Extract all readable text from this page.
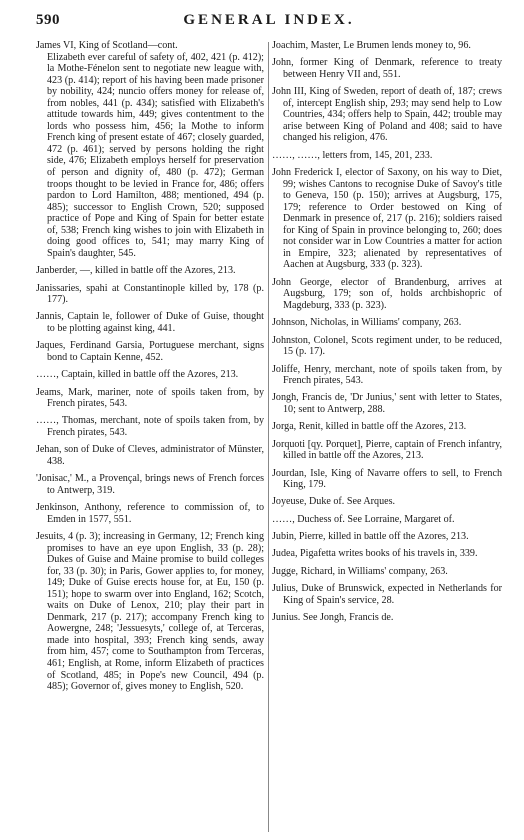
590	GENERAL INDEX.
James VI, King of Scotland—cont.
Elizabeth ever careful of safety of, 402, 421 (p. 412); la Mothe-Fénelon sent to negotiate new league with, 423 (p. 414); report of his having been made prisoner by nobility, 424; nuncio offers money for release of, from nobles, 441 (p. 434); satisfied with Elizabeth's attitude towards him, 449; gives contentment to the lords who possess him, 456; la Mothe to inform French king of present estate of 467; closely guarded, 472 (p. 461); served by persons holding the right side, 476; Elizabeth employs herself for preservation of person and dignity of, 480 (p. 472); German troops thought to be levied in France for, 486; offers pardon to Lord Hamilton, 488; mentioned, 494 (p. 485); successor to English Crown, 520; supposed practice of Pope and King of Spain for better estate of, 538; French king wishes to join with Elizabeth in doing good offices to, 541; may marry King of Spain's daughter, 545.

Janberder, —, killed in battle off the Azores, 213.

Janissaries, spahi at Constantinople killed by, 178 (p. 177).

Jannis, Captain le, follower of Duke of Guise, thought to be plotting against king, 441.

Jaques, Ferdinand Garsia, Portuguese merchant, signs bond to Captain Kenne, 452.

……, Captain, killed in battle off the Azores, 213.

Jeams, Mark, mariner, note of spoils taken from, by French pirates, 543.

……, Thomas, merchant, note of spoils taken from, by French pirates, 543.

Jehan, son of Duke of Cleves, administrator of Münster, 438.

'Jonisac,' M., a Provençal, brings news of French forces to Antwerp, 319.

Jenkinson, Anthony, reference to commission of, to Emden in 1577, 551.

Jesuits, 4 (p. 3); increasing in Germany, 12; French king promises to have an eye upon English, 33 (p. 28); Dukes of Guise and Maine promise to build colleges for, 33 (p. 30); in Paris, Gower applies to, for money, 149; Duke of Guise erects house for, at Eu, 150 (p. 151); hope to swarm over into England, 162; Scotch, waits on Duke of Lenox, 210; play their part in Denmark, 217 (p. 217); accompany French king to Aowergne, 248; 'Jessuesyts,' college of, at Terceras, made into hospital, 393; French king sends, away from him, 457; come to Southampton from Terceras, 461; English, at Rome, inform Elizabeth of practices of Scotland, 485; in Pope's new Council, 494 (p. 485); Governor of, gives money to English, 520.

Joachim, Master, Le Brumen lends money to, 96.

John, former King of Denmark, reference to treaty between Henry VII and, 551.

John III, King of Sweden, report of death of, 187; crews of, intercept English ship, 293; may send help to Low Countries, 434; offers help to Spain, 442; trouble may arise between King of Poland and 408; said to have changed his religion, 476.

……, ……, letters from, 145, 201, 233.

John Frederick I, elector of Saxony, on his way to Diet, 99; wishes Cantons to recognise Duke of Savoy's title to Geneva, 150 (p. 150); arrives at Augsburg, 175, 179; reference to Order bestowed on King of Denmark in presence of, 217 (p. 216); soldiers raised for King of Spain in province belonging to, 260; does not consider war in Low Countries a matter for action in Empire, 323; alienated by representatives of Aachen at Augsburg, 333 (p. 323).

John George, elector of Brandenburg, arrives at Augsburg, 179; son of, holds archbishopric of Magdeburg, 333 (p. 323).

Johnson, Nicholas, in Williams' company, 263.

Johnston, Colonel, Scots regiment under, to be reduced, 15 (p. 17).

Joliffe, Henry, merchant, note of spoils taken from, by French pirates, 543.

Jongh, Francis de, 'Dr Junius,' sent with letter to States, 10; sent to Antwerp, 288.

Jorga, Renit, killed in battle off the Azores, 213.

Jorquoti [qy. Porquet], Pierre, captain of French infantry, killed in battle off the Azores, 213.

Jourdan, Isle, King of Navarre offers to sell, to French King, 179.

Joyeuse, Duke of. See Arques.

……, Duchess of. See Lorraine, Margaret of.

Jubin, Pierre, killed in battle off the Azores, 213.

Judea, Pigafetta writes books of his travels in, 339.

Jugge, Richard, in Williams' company, 263.

Julius, Duke of Brunswick, expected in Netherlands for King of Spain's service, 28.

Junius. See Jongh, Francis de.
